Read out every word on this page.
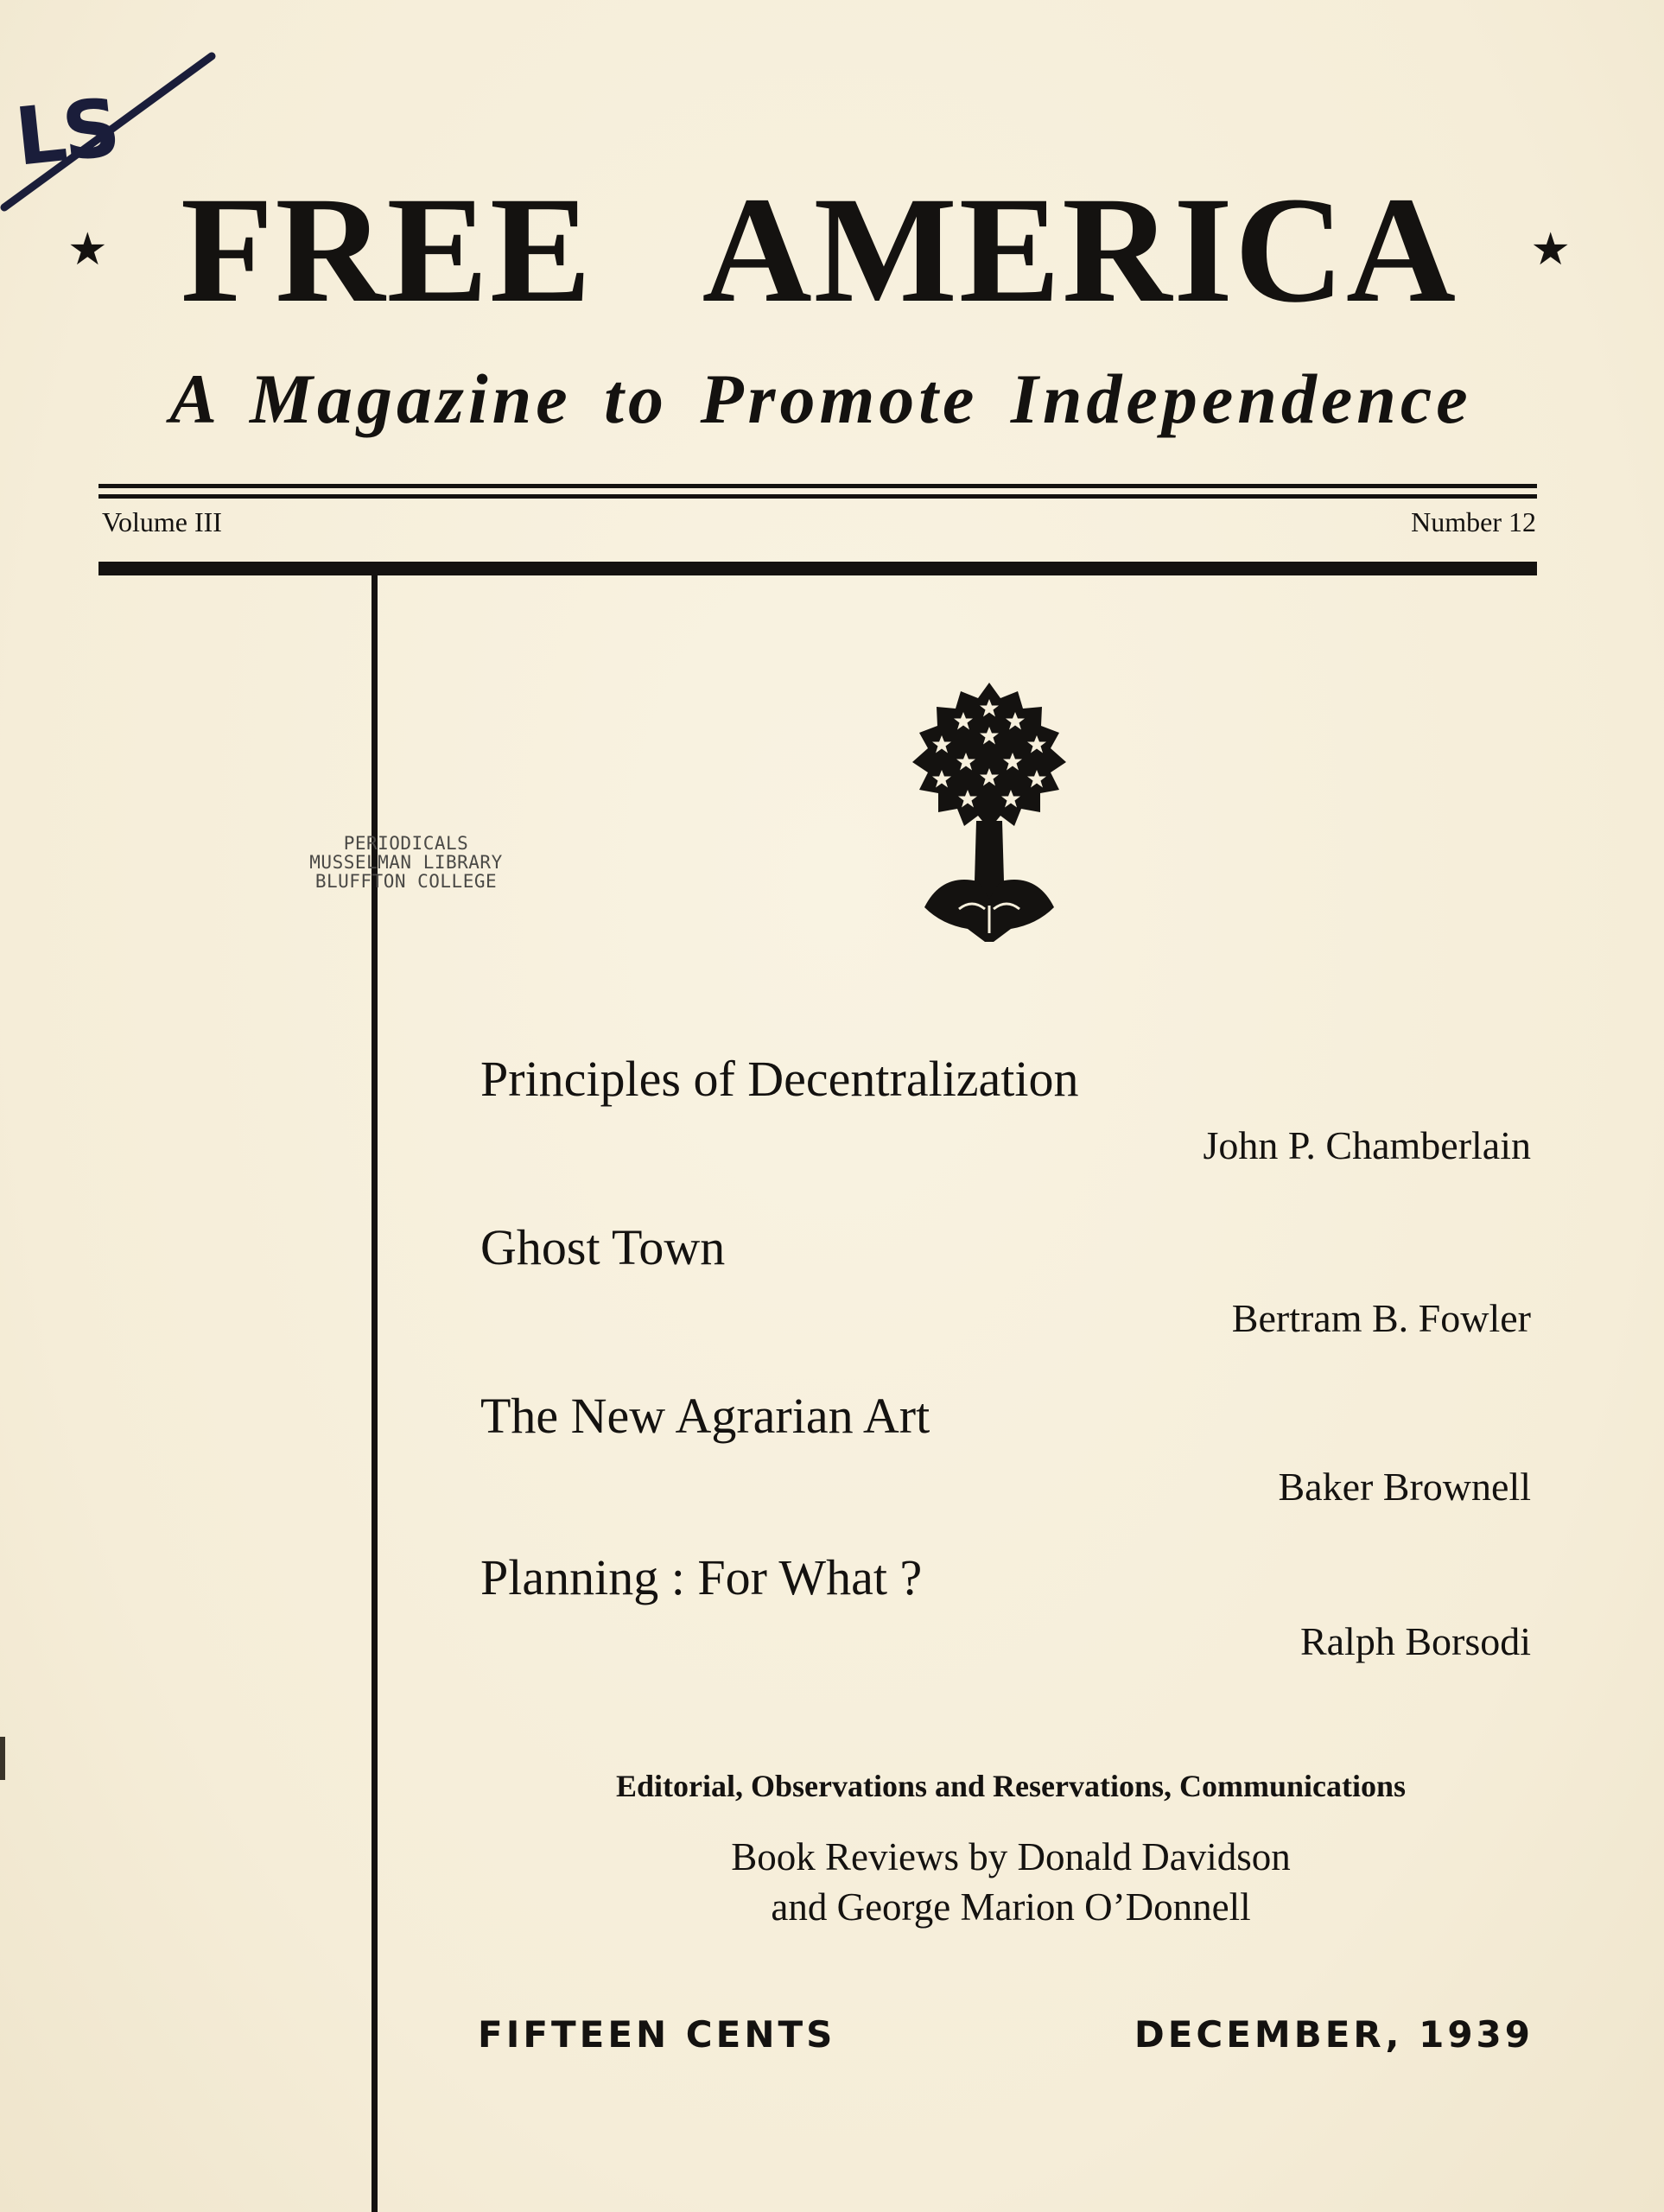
LS
★ FREE AMERICA	★
A Magazine to Promote Independence
Volume III	Number 12
PERIODICALS
MUSSELMAN LIBRARY
BLUFFTON COLLEGE
Principles of Decentralization
John P. Chamberlain
Ghost Town
Bertram B. Fowler
The New Agrarian Art
Baker Brownell
Planning : For What ?
Ralph Borsodi
Editorial, Observations and Reservations, Communications
Book Reviews by Donald Davidson
and George Marion O’Donnell
FIFTEEN CENTS	DECEMBER, 1939
